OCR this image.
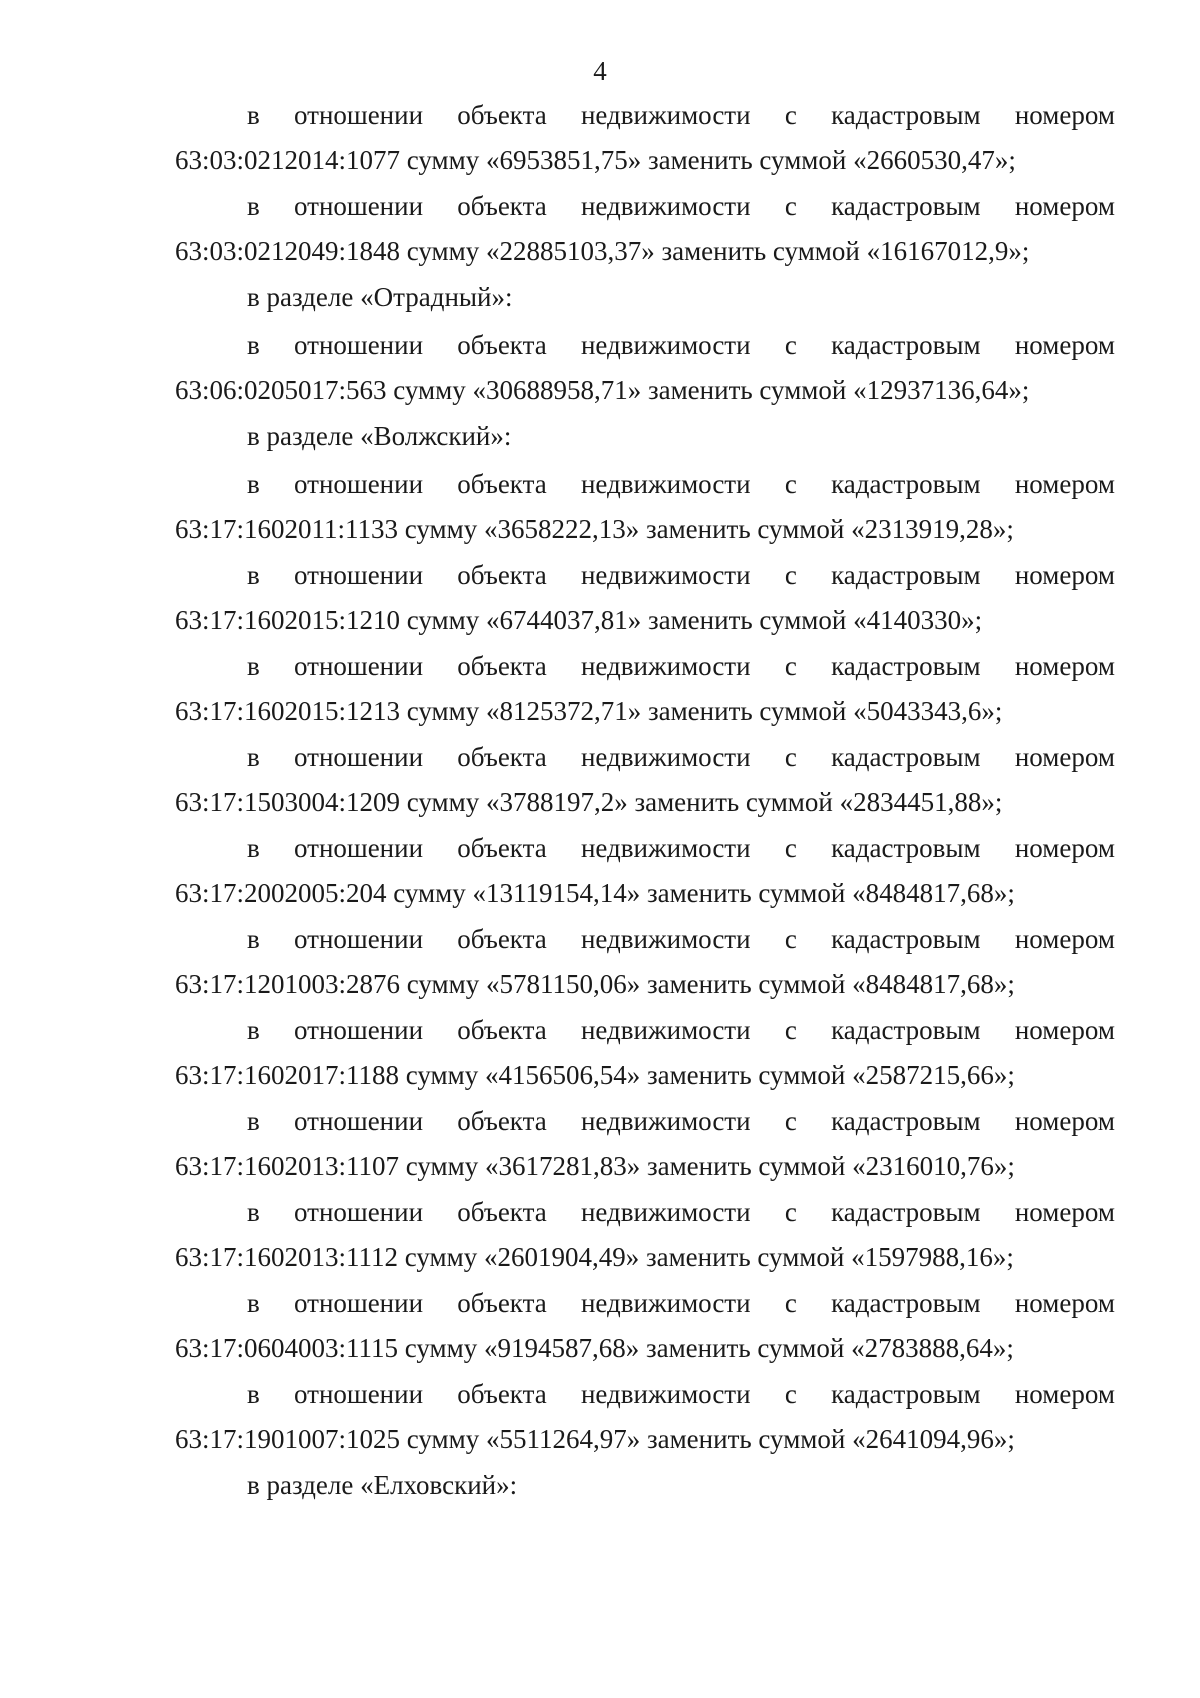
4
в отношении объекта недвижимости с кадастровым номером
63:03:0212014:1077 сумму «6953851,75» заменить суммой «2660530,47»;
в отношении объекта недвижимости с кадастровым номером
63:03:0212049:1848 сумму «22885103,37» заменить суммой «16167012,9»;
в разделе «Отрадный»:
в отношении объекта недвижимости с кадастровым номером
63:06:0205017:563 сумму «30688958,71» заменить суммой «12937136,64»;
в разделе «Волжский»:
в отношении объекта недвижимости с кадастровым номером
63:17:1602011:1133 сумму «3658222,13» заменить суммой «2313919,28»;
в отношении объекта недвижимости с кадастровым номером
63:17:1602015:1210 сумму «6744037,81» заменить суммой «4140330»;
в отношении объекта недвижимости с кадастровым номером
63:17:1602015:1213 сумму «8125372,71» заменить суммой «5043343,6»;
в отношении объекта недвижимости с кадастровым номером
63:17:1503004:1209 сумму «3788197,2» заменить суммой «2834451,88»;
в отношении объекта недвижимости с кадастровым номером
63:17:2002005:204 сумму «13119154,14» заменить суммой «8484817,68»;
в отношении объекта недвижимости с кадастровым номером
63:17:1201003:2876 сумму «5781150,06» заменить суммой «8484817,68»;
в отношении объекта недвижимости с кадастровым номером
63:17:1602017:1188 сумму «4156506,54» заменить суммой «2587215,66»;
в отношении объекта недвижимости с кадастровым номером
63:17:1602013:1107 сумму «3617281,83» заменить суммой «2316010,76»;
в отношении объекта недвижимости с кадастровым номером
63:17:1602013:1112 сумму «2601904,49» заменить суммой «1597988,16»;
в отношении объекта недвижимости с кадастровым номером
63:17:0604003:1115 сумму «9194587,68» заменить суммой «2783888,64»;
в отношении объекта недвижимости с кадастровым номером
63:17:1901007:1025 сумму «5511264,97» заменить суммой «2641094,96»;
в разделе «Елховский»:
